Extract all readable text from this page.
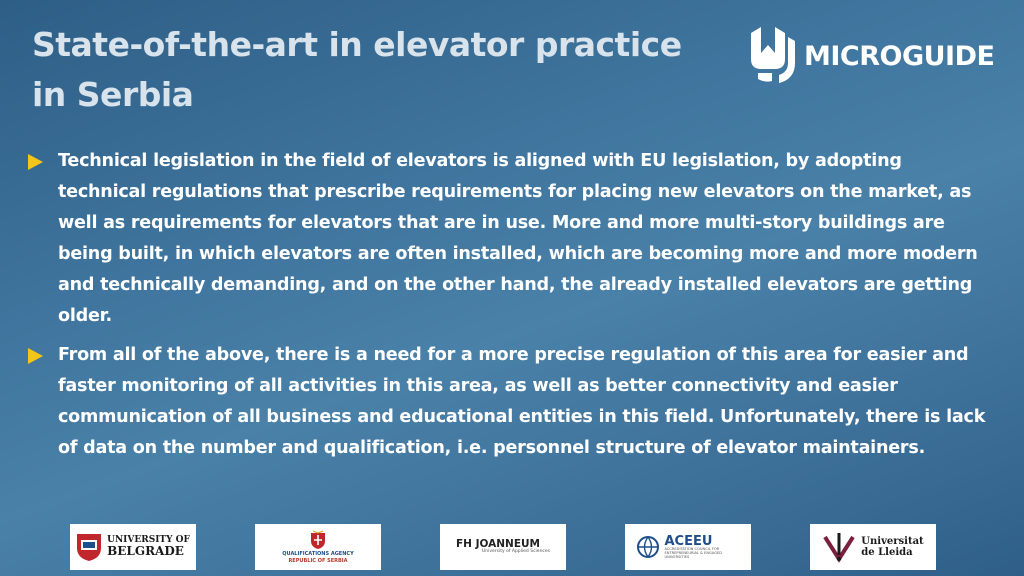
State-of-the-art in elevator practice in Serbia
MICROGUIDE
Technical legislation in the field of elevators is aligned with EU legislation, by adopting technical regulations that prescribe requirements for placing new elevators on the market, as well as requirements for elevators that are in use. More and more multi-story buildings are being built, in which elevators are often installed, which are becoming more and more modern and technically demanding, and on the other hand, the already installed elevators are getting older.
From all of the above, there is a need for a more precise regulation of this area for easier and faster monitoring of all activities in this area, as well as better connectivity and easier communication of all business and educational entities in this field. Unfortunately, there is lack of data on the number and qualification, i.e. personnel structure of elevator maintainers.
UNIVERSITY OF
BELGRADE	QUALIFICATIONS AGENCY
REPUBLIC OF SERBIA
FH JOANNEUM
University of Applied Sciences
ACEEU
ACCREDITATION COUNCIL FOR ENTREPRENEURIAL & ENGAGED UNIVERSITIES
Universitat
de Lleida
